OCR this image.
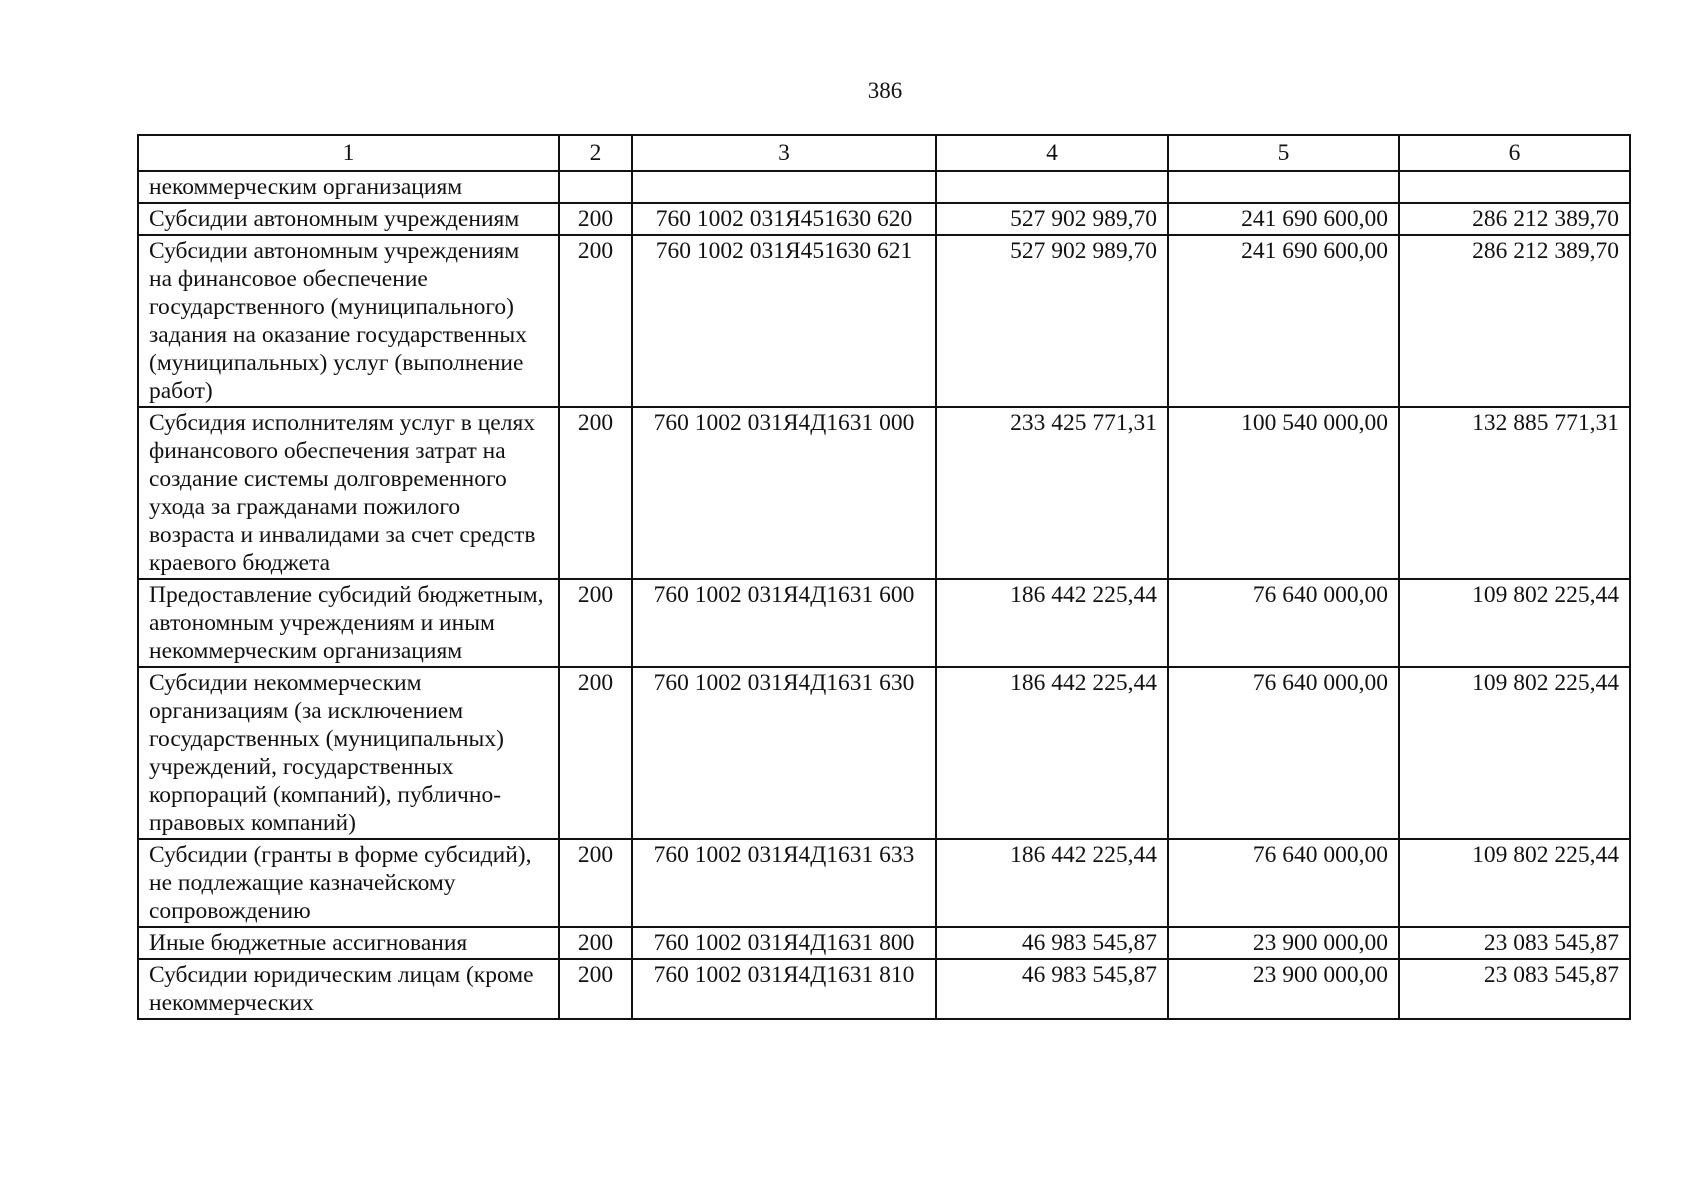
386
1	2	3	4	5	6
некоммерческим организациям					
Субсидии автономным учреждениям	200	760 1002 031Я451630 620	527 902 989,70	241 690 600,00	286 212 389,70
Субсидии автономным учреждениям на финансовое обеспечение государственного (муниципального) задания на оказание государственных (муниципальных) услуг (выполнение работ)	200	760 1002 031Я451630 621	527 902 989,70	241 690 600,00	286 212 389,70
Субсидия исполнителям услуг в целях финансового обеспечения затрат на создание системы долговременного ухода за гражданами пожилого возраста и инвалидами за счет средств краевого бюджета	200	760 1002 031Я4Д1631 000	233 425 771,31	100 540 000,00	132 885 771,31
Предоставление субсидий бюджетным, автономным учреждениям и иным некоммерческим организациям	200	760 1002 031Я4Д1631 600	186 442 225,44	76 640 000,00	109 802 225,44
Субсидии некоммерческим организациям (за исключением государственных (муниципальных) учреждений, государственных корпораций (компаний), публично-правовых компаний)	200	760 1002 031Я4Д1631 630	186 442 225,44	76 640 000,00	109 802 225,44
Субсидии (гранты в форме субсидий), не подлежащие казначейскому сопровождению	200	760 1002 031Я4Д1631 633	186 442 225,44	76 640 000,00	109 802 225,44
Иные бюджетные ассигнования	200	760 1002 031Я4Д1631 800	46 983 545,87	23 900 000,00	23 083 545,87
Субсидии юридическим лицам (кроме некоммерческих	200	760 1002 031Я4Д1631 810	46 983 545,87	23 900 000,00	23 083 545,87
